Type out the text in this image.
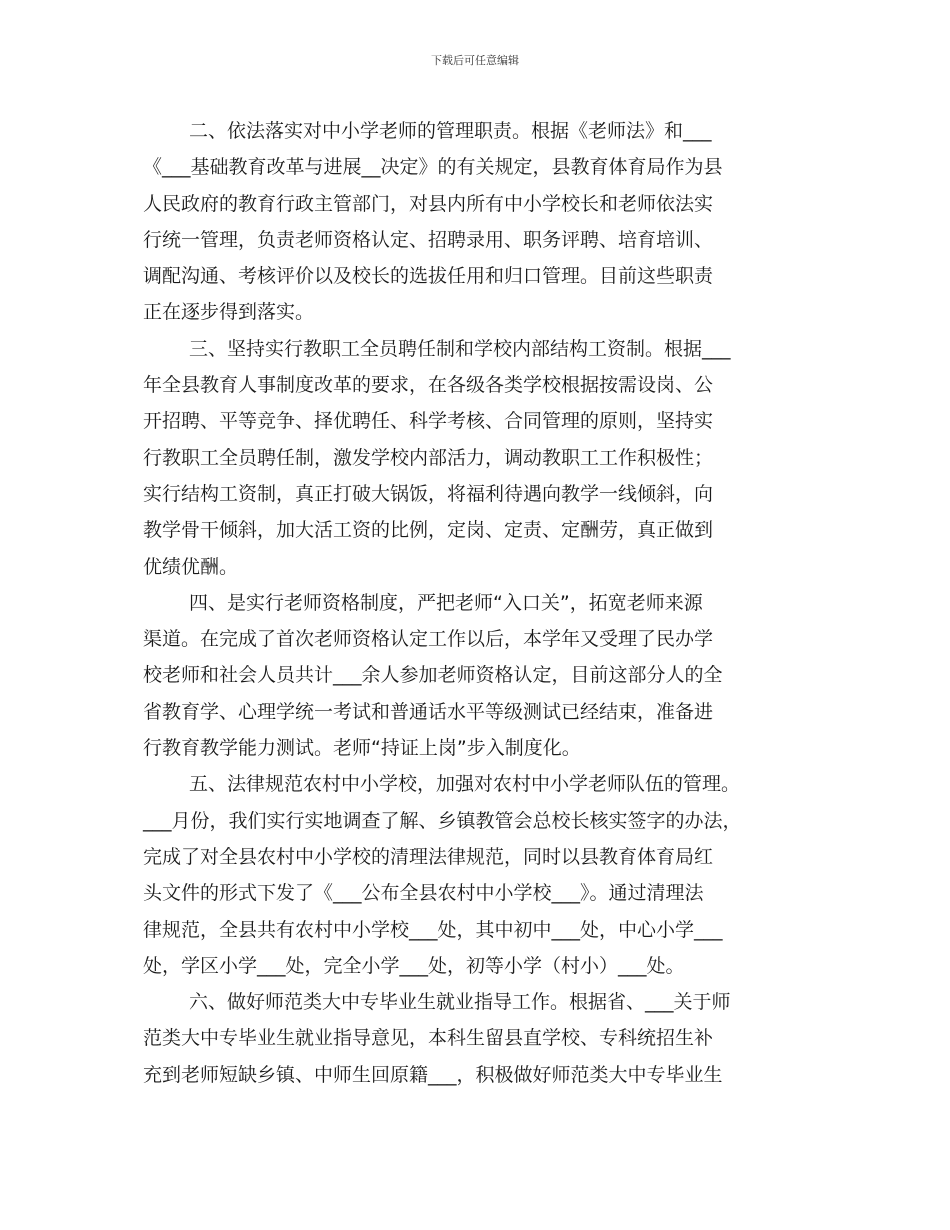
下载后可任意编辑
二、依法落实对中小学老师的管理职责。根据《老师法》和___
《___基础教育改革与进展__决定》的有关规定，县教育体育局作为县
人民政府的教育行政主管部门，对县内所有中小学校长和老师依法实
行统一管理，负责老师资格认定、招聘录用、职务评聘、培育培训、
调配沟通、考核评价以及校长的选拔任用和归口管理。目前这些职责
正在逐步得到落实。
三、坚持实行教职工全员聘任制和学校内部结构工资制。根据___
年全县教育人事制度改革的要求，在各级各类学校根据按需设岗、公
开招聘、平等竞争、择优聘任、科学考核、合同管理的原则，坚持实
行教职工全员聘任制，激发学校内部活力，调动教职工工作积极性；
实行结构工资制，真正打破大锅饭，将福利待遇向教学一线倾斜，向
教学骨干倾斜，加大活工资的比例，定岗、定责、定酬劳，真正做到
优绩优酬。
四、是实行老师资格制度，严把老师“入口关”，拓宽老师来源
渠道。在完成了首次老师资格认定工作以后，本学年又受理了民办学
校老师和社会人员共计___余人参加老师资格认定，目前这部分人的全
省教育学、心理学统一考试和普通话水平等级测试已经结束，准备进
行教育教学能力测试。老师“持证上岗”步入制度化。
五、法律规范农村中小学校，加强对农村中小学老师队伍的管理。
___月份，我们实行实地调查了解、乡镇教管会总校长核实签字的办法，
完成了对全县农村中小学校的清理法律规范，同时以县教育体育局红
头文件的形式下发了《___公布全县农村中小学校___》。通过清理法
律规范，全县共有农村中小学校___处，其中初中___处，中心小学___
处，学区小学___处，完全小学___处，初等小学（村小）___处。
六、做好师范类大中专毕业生就业指导工作。根据省、___关于师
范类大中专毕业生就业指导意见，本科生留县直学校、专科统招生补
充到老师短缺乡镇、中师生回原籍___，积极做好师范类大中专毕业生
